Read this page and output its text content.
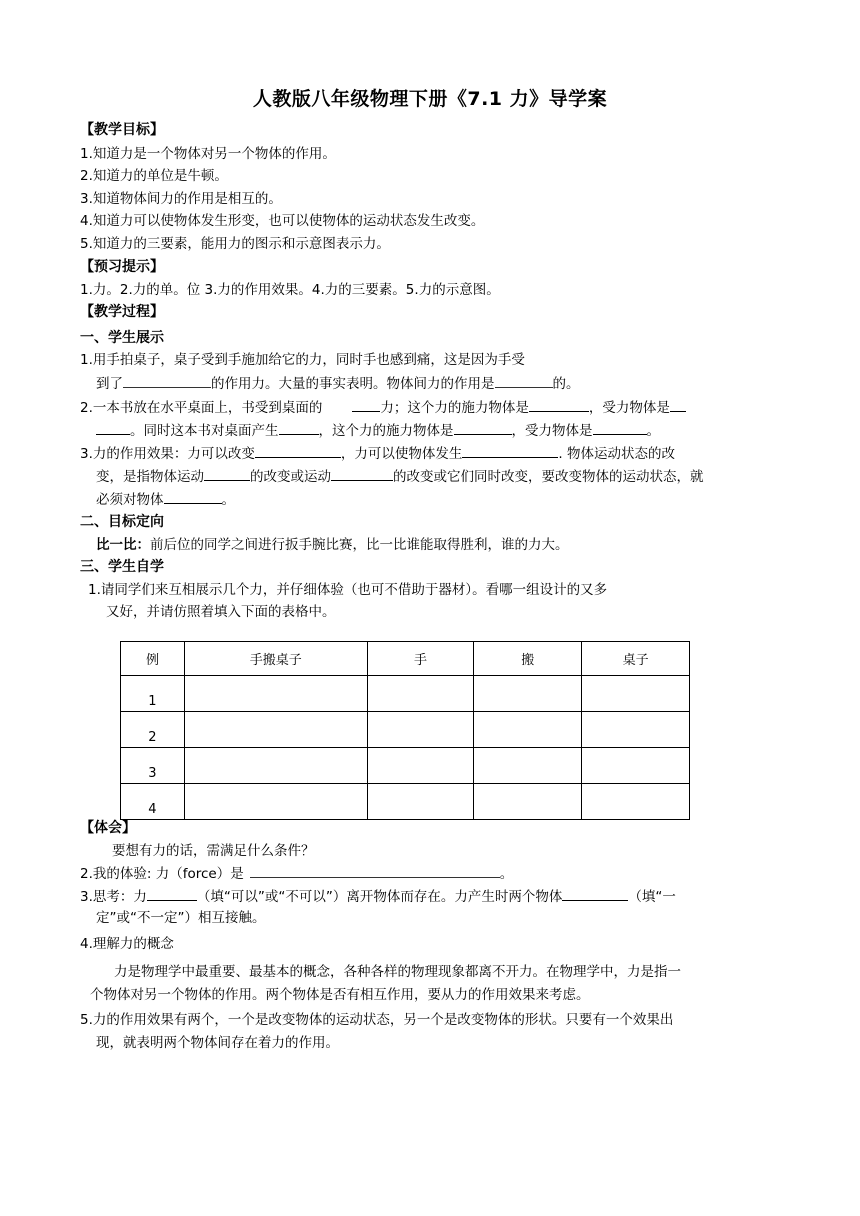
人教版八年级物理下册《7.1 力》导学案
【教学目标】
1.知道力是一个物体对另一个物体的作用。
2.知道力的单位是牛顿。
3.知道物体间力的作用是相互的。
4.知道力可以使物体发生形变，也可以使物体的运动状态发生改变。
5.知道力的三要素，能用力的图示和示意图表示力。
【预习提示】
1.力。2.力的单。位 3.力的作用效果。4.力的三要素。5.力的示意图。
【教学过程】
一、学生展示
1.用手拍桌子，桌子受到手施加给它的力，同时手也感到痛，这是因为手受
到了	的作用力。大量的事实表明。物体间力的作用是	的。
2.一本书放在水平桌面上，书受到桌面的	力；这个力的施力物体是	，受力物体是
。同时这本书对桌面产生	，这个力的施力物体是	，受力物体是	。
3.力的作用效果：力可以改变	，力可以使物体发生	. 物体运动状态的改
变，是指物体运动	的改变或运动	的改变或它们同时改变，要改变物体的运动状态，就
必须对物体	。
二、目标定向
比一比：前后位的同学之间进行扳手腕比赛，比一比谁能取得胜利，谁的力大。
三、学生自学
1.请同学们来互相展示几个力，并仔细体验（也可不借助于器材）。看哪一组设计的又多
又好，并请仿照着填入下面的表格中。
例	手搬桌子	手	搬	桌子
1				
2				
3				
4				
【体会】
要想有力的话，需满足什么条件？
2.我的体验: 力（force）是	。
3.思考：力	（填“可以”或“不可以”）离开物体而存在。力产生时两个物体	（填“一
定”或“不一定”）相互接触。
4.理解力的概念
力是物理学中最重要、最基本的概念，各种各样的物理现象都离不开力。在物理学中，力是指一
个物体对另一个物体的作用。两个物体是否有相互作用，要从力的作用效果来考虑。
5.力的作用效果有两个，一个是改变物体的运动状态，另一个是改变物体的形状。只要有一个效果出
现，就表明两个物体间存在着力的作用。
